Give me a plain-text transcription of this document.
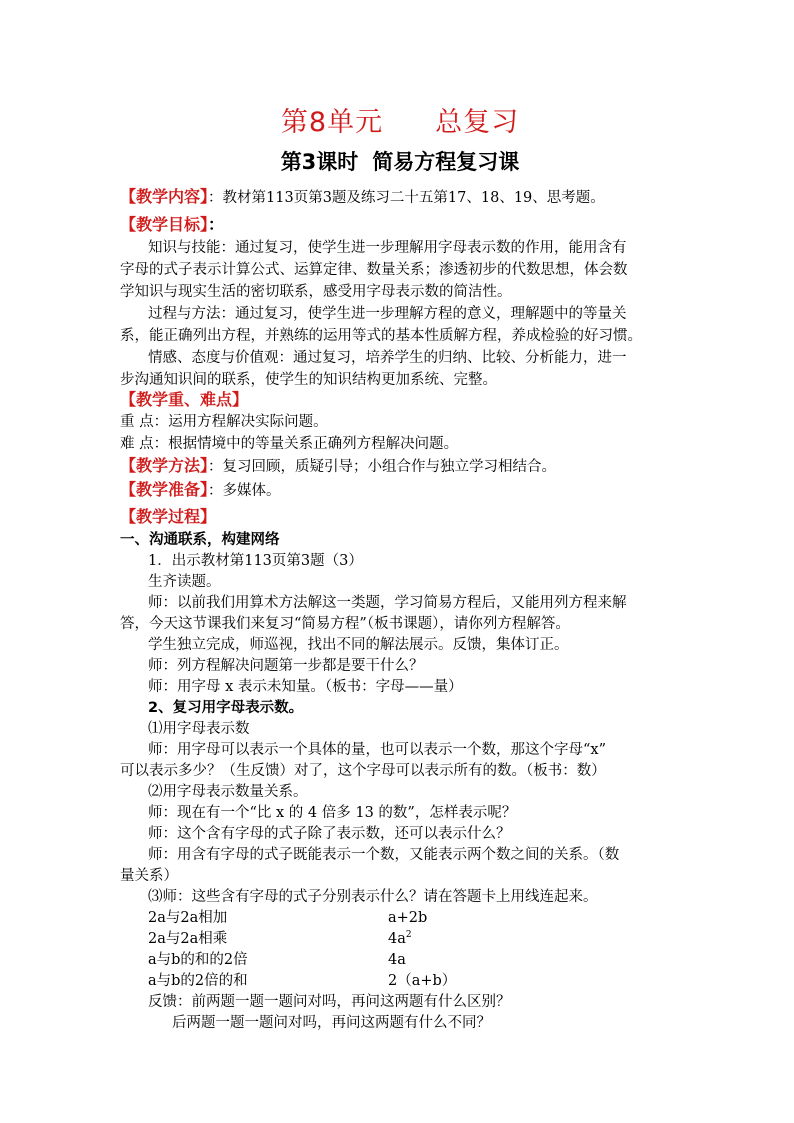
第8单元 总复习
第3课时 简易方程复习课
【教学内容】：教材第113页第3题及练习二十五第17、18、19、思考题。
【教学目标】：
知识与技能：通过复习，使学生进一步理解用字母表示数的作用，能用含有
字母的式子表示计算公式、运算定律、数量关系；渗透初步的代数思想，体会数
学知识与现实生活的密切联系，感受用字母表示数的简洁性。
过程与方法：通过复习，使学生进一步理解方程的意义，理解题中的等量关
系，能正确列出方程，并熟练的运用等式的基本性质解方程，养成检验的好习惯。
情感、态度与价值观：通过复习，培养学生的归纳、比较、分析能力，进一
步沟通知识间的联系，使学生的知识结构更加系统、完整。
【教学重、难点】
重 点：运用方程解决实际问题。
难 点：根据情境中的等量关系正确列方程解决问题。
【教学方法】：复习回顾，质疑引导；小组合作与独立学习相结合。
【教学准备】：多媒体。
【教学过程】
一、沟通联系，构建网络
1．出示教材第113页第3题（3）
生齐读题。
师：以前我们用算术方法解这一类题，学习简易方程后，又能用列方程来解
答，今天这节课我们来复习“简易方程”（板书课题），请你列方程解答。
学生独立完成，师巡视，找出不同的解法展示。反馈，集体订正。
师：列方程解决问题第一步都是要干什么？
师：用字母 x 表示未知量。（板书：字母——量）
2、复习用字母表示数。
⑴用字母表示数
师：用字母可以表示一个具体的量，也可以表示一个数，那这个字母“x”
可以表示多少？（生反馈）对了，这个字母可以表示所有的数。（板书：数）
⑵用字母表示数量关系。
师：现在有一个“比 x 的 4 倍多 13 的数”，怎样表示呢？
师：这个含有字母的式子除了表示数，还可以表示什么？
师：用含有字母的式子既能表示一个数，又能表示两个数之间的关系。（数
量关系）
⑶师：这些含有字母的式子分别表示什么？请在答题卡上用线连起来。
2a与2a相加	a+2b
2a与2a相乘	$4a^2$
a与b的和的2倍	4a
a与b的2倍的和	2（a+b）
反馈：前两题一题一题问对吗，再问这两题有什么区别？
后两题一题一题问对吗，再问这两题有什么不同？
